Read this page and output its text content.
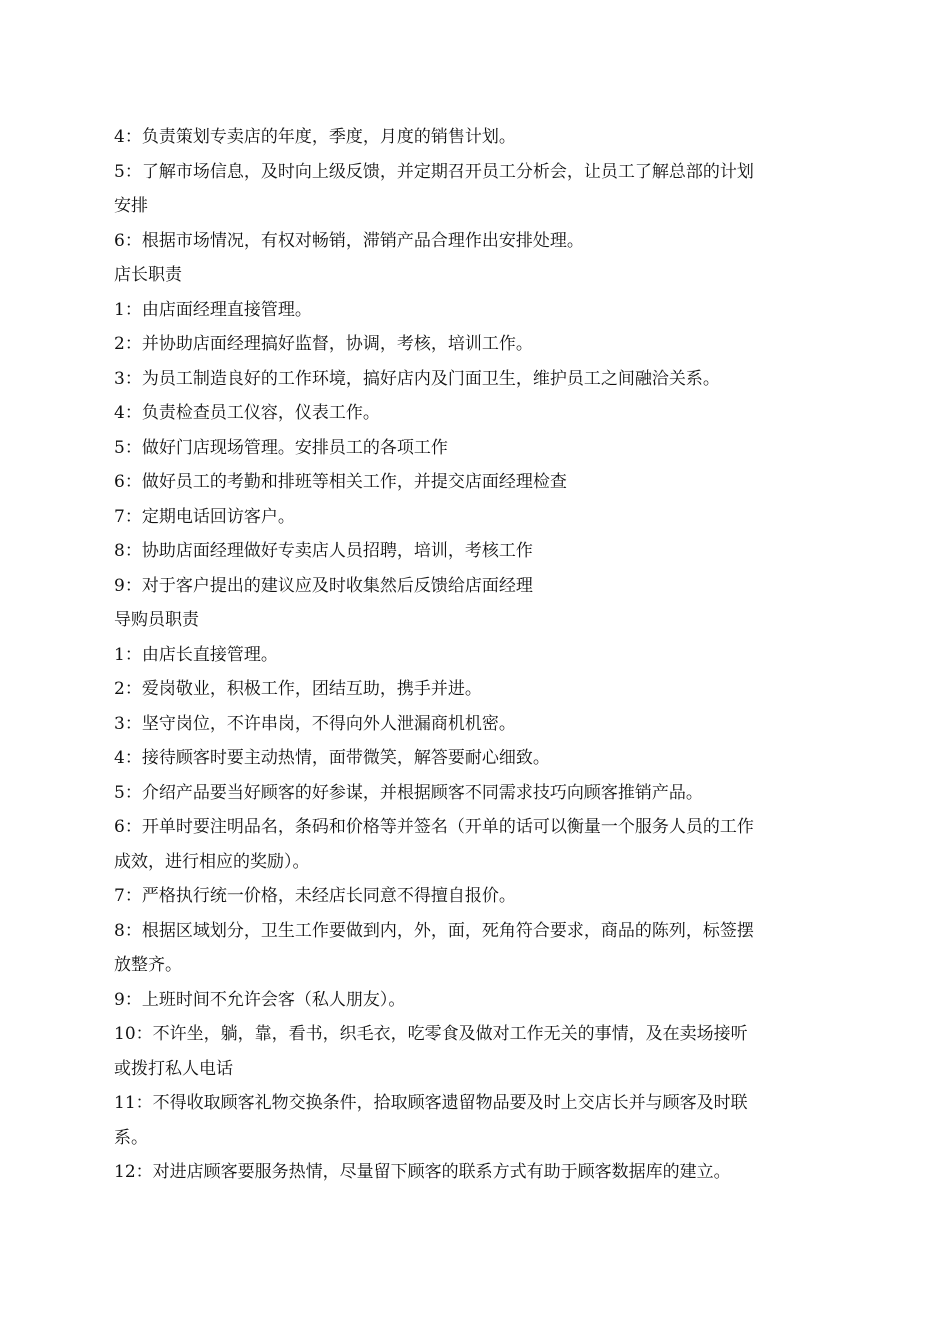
4：负责策划专卖店的年度，季度，月度的销售计划。
5：了解市场信息，及时向上级反馈，并定期召开员工分析会，让员工了解总部的计划
安排
6：根据市场情况，有权对畅销，滞销产品合理作出安排处理。
店长职责
1：由店面经理直接管理。
2：并协助店面经理搞好监督，协调，考核，培训工作。
3：为员工制造良好的工作环境，搞好店内及门面卫生，维护员工之间融洽关系。
4：负责检查员工仪容，仪表工作。
5：做好门店现场管理。安排员工的各项工作
6：做好员工的考勤和排班等相关工作，并提交店面经理检查
7：定期电话回访客户。
8：协助店面经理做好专卖店人员招聘，培训，考核工作
9：对于客户提出的建议应及时收集然后反馈给店面经理
导购员职责
1：由店长直接管理。
2：爱岗敬业，积极工作，团结互助，携手并进。
3：坚守岗位，不许串岗，不得向外人泄漏商机机密。
4：接待顾客时要主动热情，面带微笑，解答要耐心细致。
5：介绍产品要当好顾客的好参谋，并根据顾客不同需求技巧向顾客推销产品。
6：开单时要注明品名，条码和价格等并签名（开单的话可以衡量一个服务人员的工作
成效，进行相应的奖励）。
7：严格执行统一价格，未经店长同意不得擅自报价。
8：根据区域划分，卫生工作要做到内，外，面，死角符合要求，商品的陈列，标签摆
放整齐。
9：上班时间不允许会客（私人朋友）。
10：不许坐，躺，靠，看书，织毛衣，吃零食及做对工作无关的事情，及在卖场接听
或拨打私人电话
11：不得收取顾客礼物交换条件，拾取顾客遗留物品要及时上交店长并与顾客及时联
系。
12：对进店顾客要服务热情，尽量留下顾客的联系方式有助于顾客数据库的建立。
